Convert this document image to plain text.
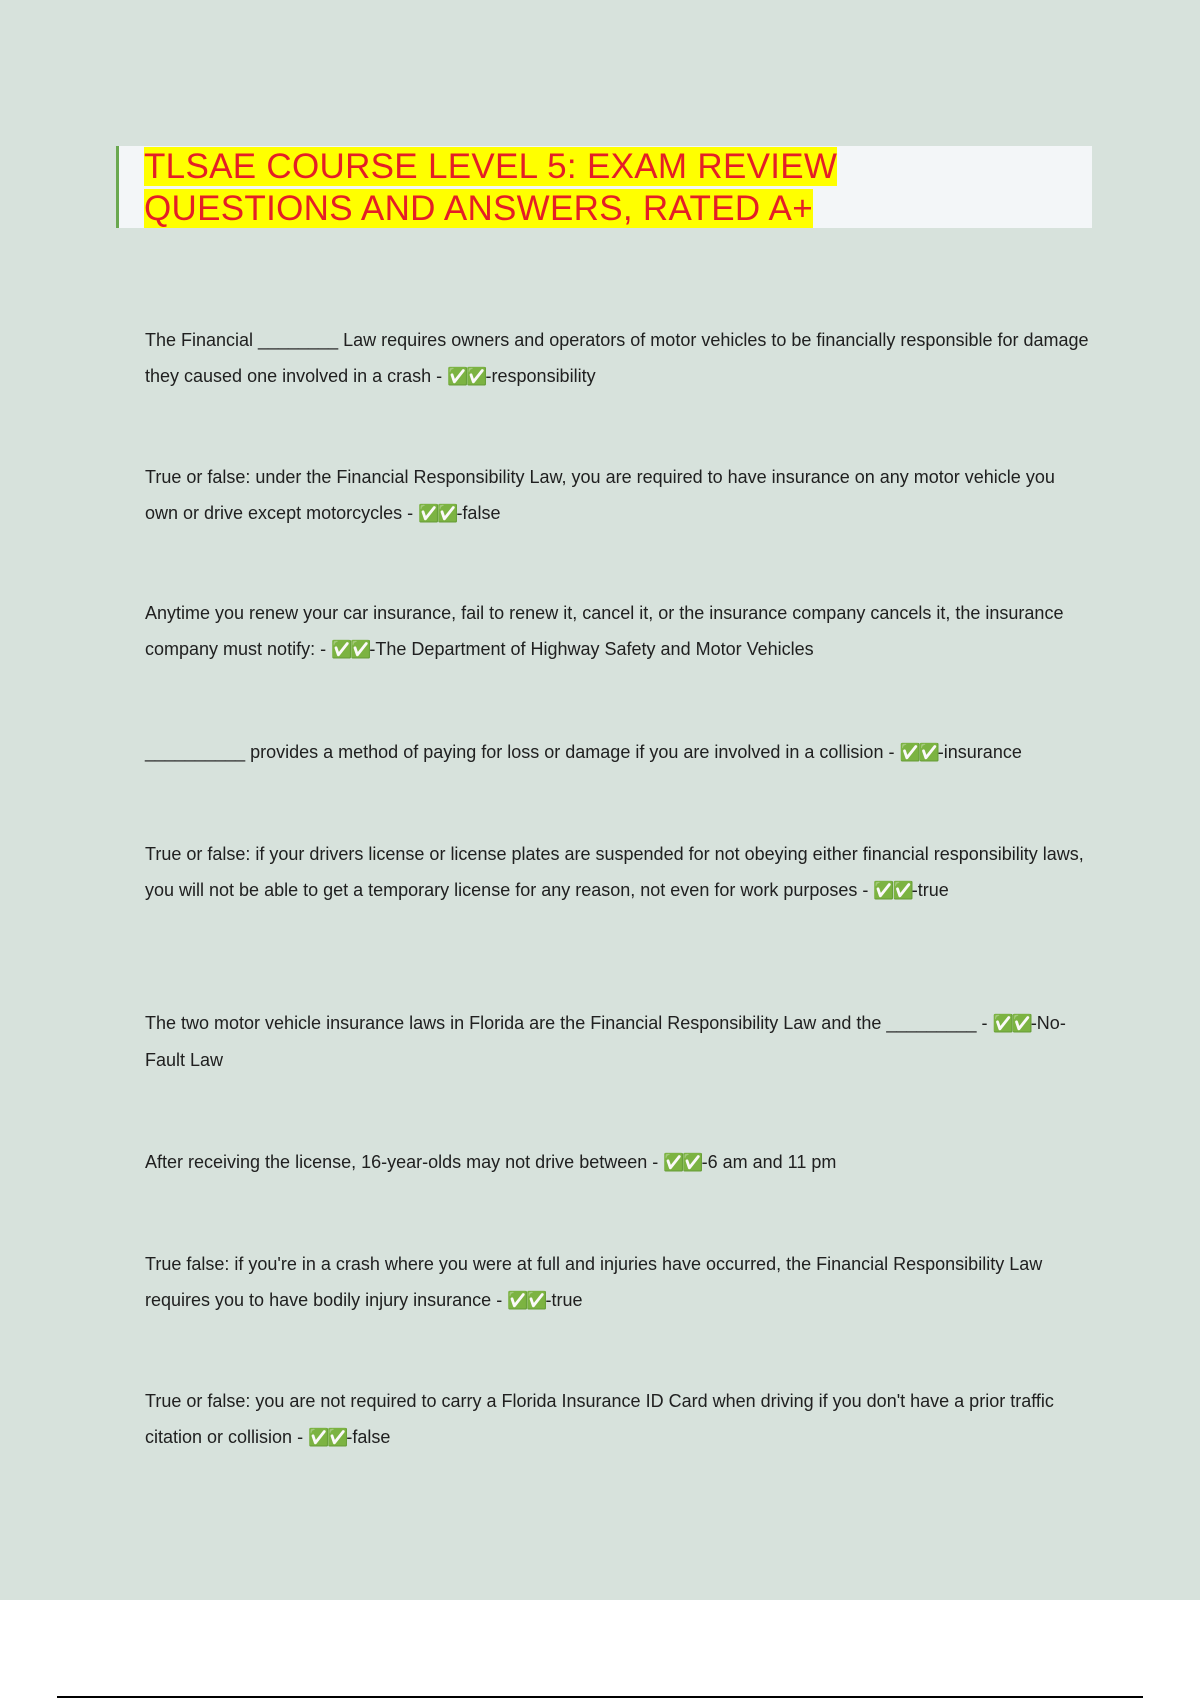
TLSAE COURSE LEVEL 5: EXAM REVIEW
QUESTIONS AND ANSWERS, RATED A+

The Financial ________ Law requires owners and operators of motor vehicles to be financially responsible for damage they caused one involved in a crash - ✅✅-responsibility

True or false: under the Financial Responsibility Law, you are required to have insurance on any motor vehicle you own or drive except motorcycles - ✅✅-false

Anytime you renew your car insurance, fail to renew it, cancel it, or the insurance company cancels it, the insurance company must notify: - ✅✅-The Department of Highway Safety and Motor Vehicles

__________ provides a method of paying for loss or damage if you are involved in a collision - ✅✅-insurance

True or false: if your drivers license or license plates are suspended for not obeying either financial responsibility laws, you will not be able to get a temporary license for any reason, not even for work purposes - ✅✅-true

The two motor vehicle insurance laws in Florida are the Financial Responsibility Law and the _________ - ✅✅-No-Fault Law

After receiving the license, 16-year-olds may not drive between - ✅✅-6 am and 11 pm

True false: if you're in a crash where you were at full and injuries have occurred, the Financial Responsibility Law requires you to have bodily injury insurance - ✅✅-true

True or false: you are not required to carry a Florida Insurance ID Card when driving if you don't have a prior traffic citation or collision - ✅✅-false
